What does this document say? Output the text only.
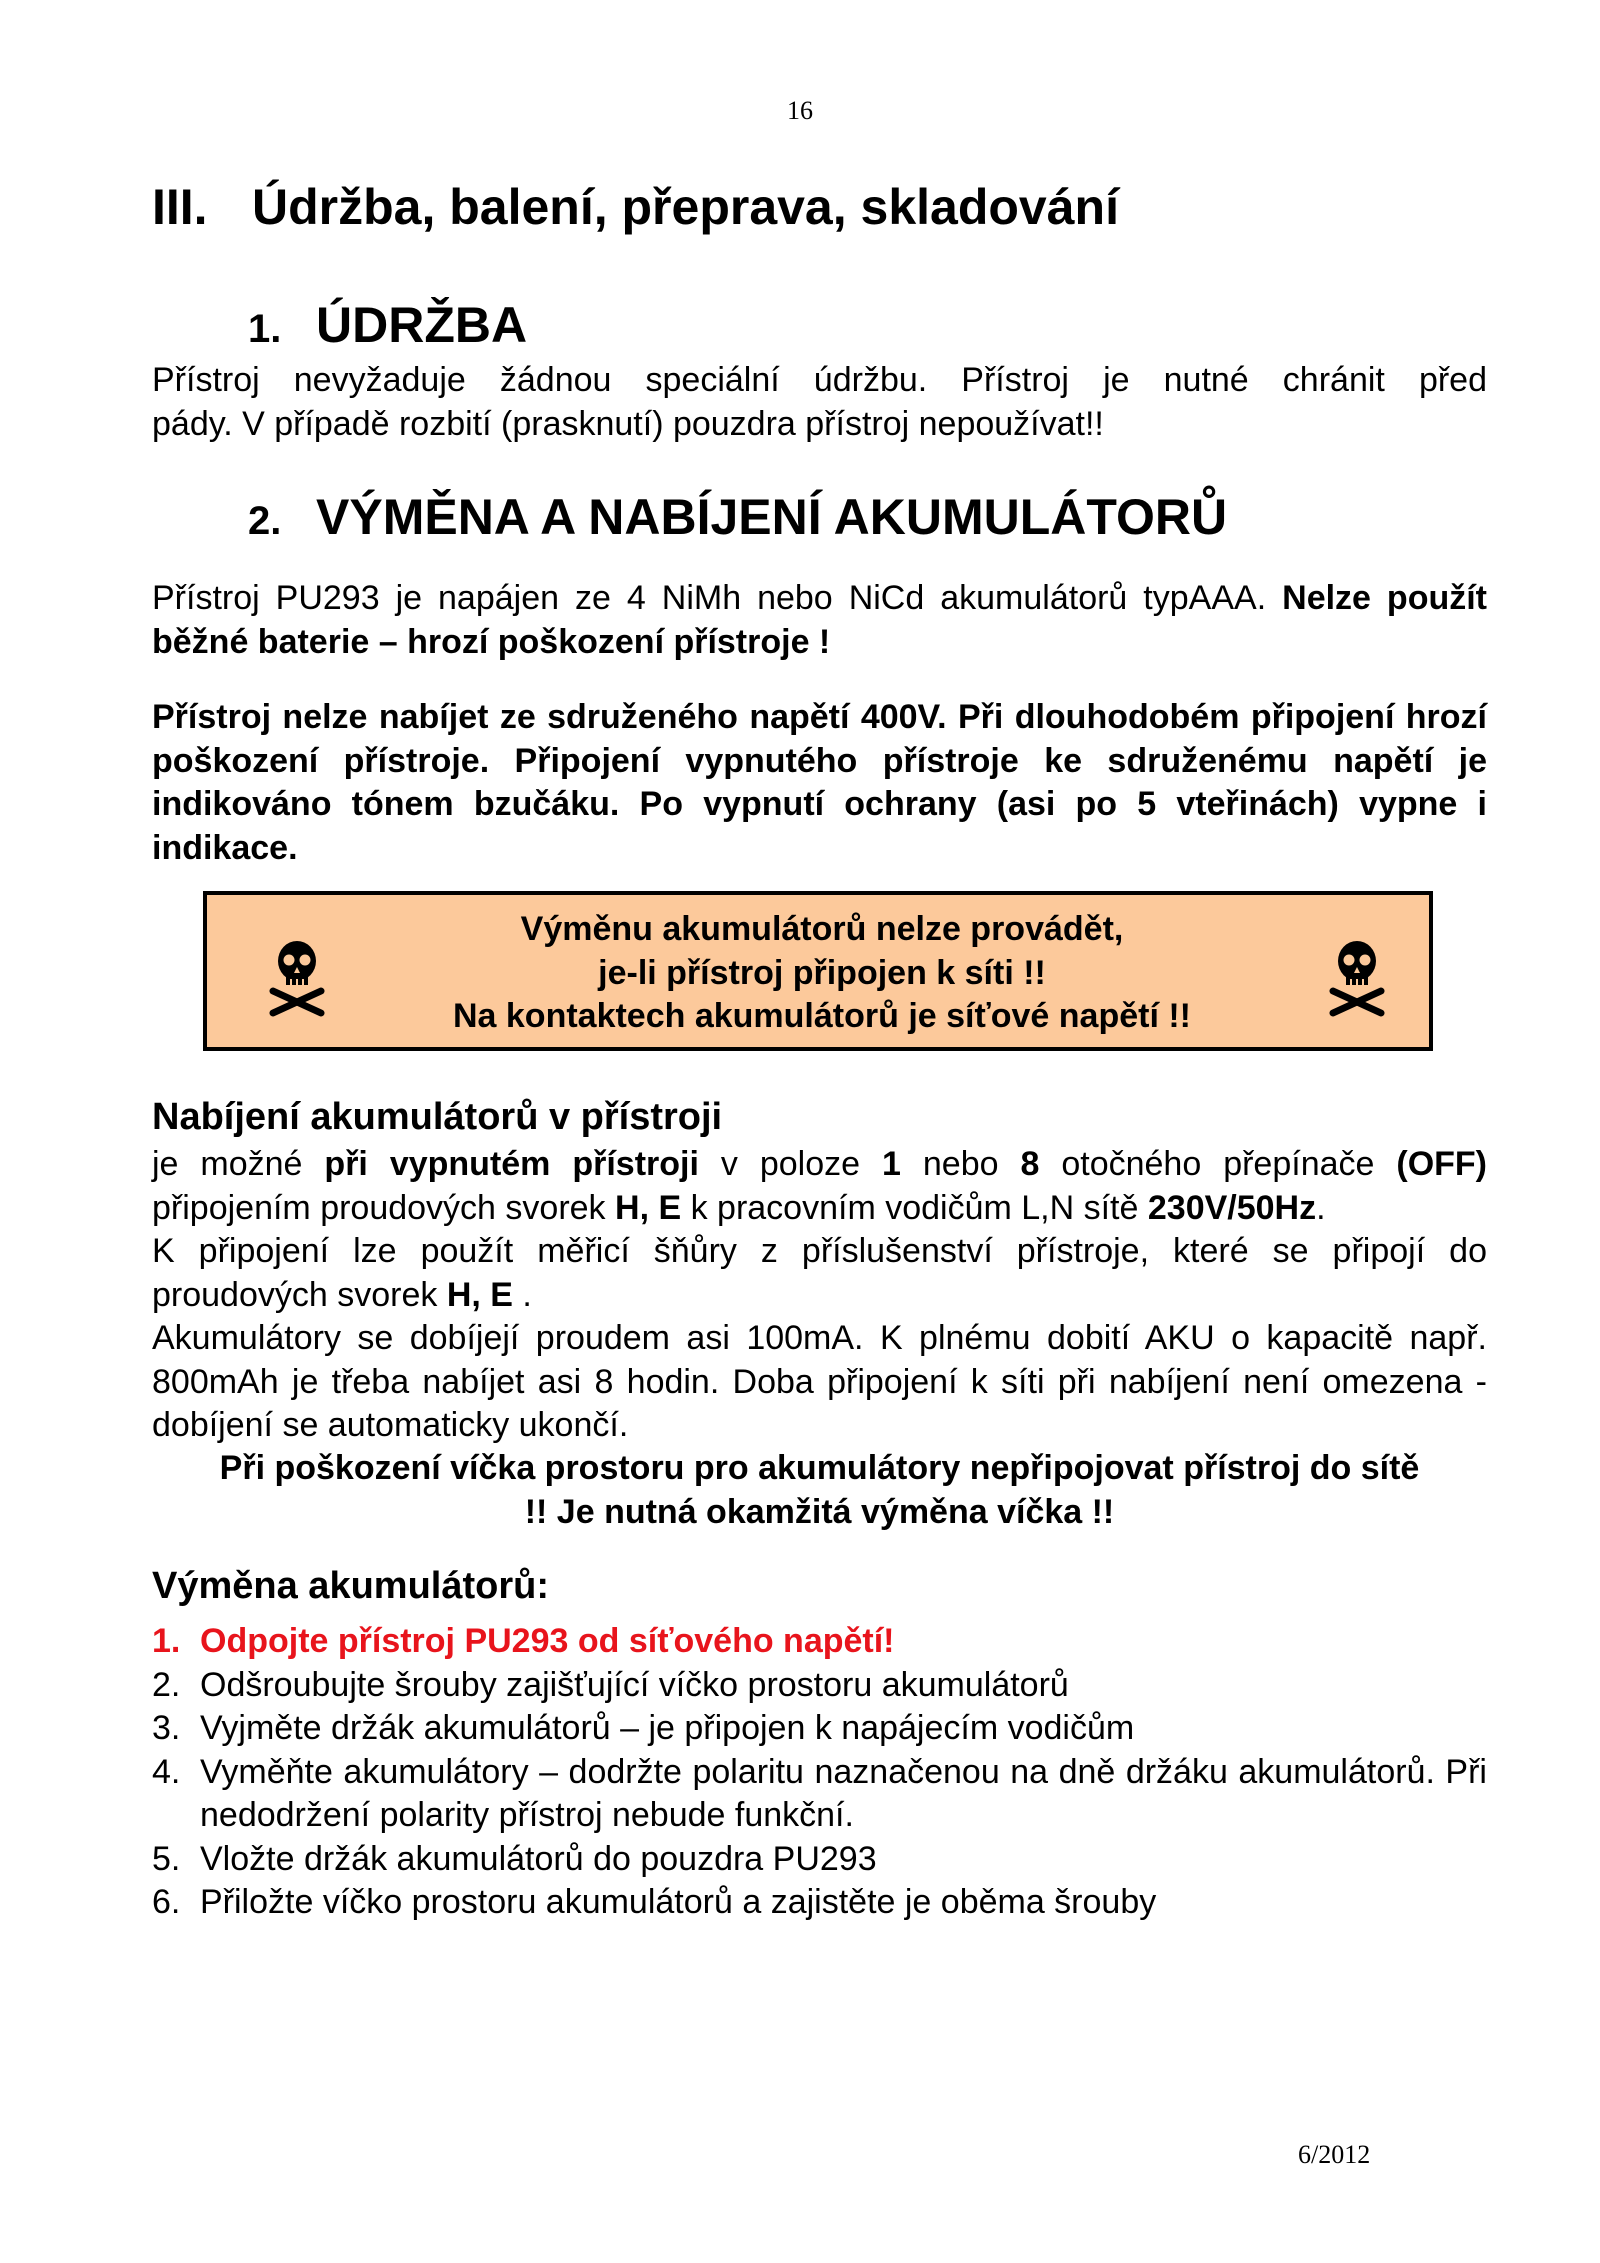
16
III. Údržba, balení, přeprava, skladování
1. ÚDRŽBA
Přístroj nevyžaduje žádnou speciální údržbu. Přístroj je nutné chránit před
pády. V případě rozbití (prasknutí) pouzdra přístroj nepoužívat!!
2. VÝMĚNA A NABÍJENÍ AKUMULÁTORŮ
Přístroj PU293 je napájen ze 4 NiMh nebo NiCd akumulátorů typAAA. Nelze použít běžné baterie – hrozí poškození přístroje !
Přístroj nelze nabíjet ze sdruženého napětí 400V. Při dlouhodobém připojení hrozí poškození přístroje. Připojení vypnutého přístroje ke sdruženému napětí je indikováno tónem bzučáku. Po vypnutí ochrany (asi po 5 vteřinách) vypne i indikace.
Výměnu akumulátorů nelze provádět,
je-li přístroj připojen k síti !!
Na kontaktech akumulátorů je síťové napětí !!
Nabíjení akumulátorů v přístroji
je možné při vypnutém přístroji v poloze 1 nebo 8 otočného přepínače (OFF) připojením proudových svorek H, E k pracovním vodičům L,N sítě 230V/50Hz.
K připojení lze použít měřicí šňůry z příslušenství přístroje, které se připojí do proudových svorek H, E .
Akumulátory se dobíjejí proudem asi 100mA. K plnému dobití AKU o kapacitě např. 800mAh je třeba nabíjet asi 8 hodin. Doba připojení k síti při nabíjení není omezena - dobíjení se automaticky ukončí.
Při poškození víčka prostoru pro akumulátory nepřipojovat přístroj do sítě
!! Je nutná okamžitá výměna víčka !!
Výměna akumulátorů:
1. Odpojte přístroj PU293 od síťového napětí!
2. Odšroubujte šrouby zajišťující víčko prostoru akumulátorů
3. Vyjměte držák akumulátorů – je připojen k napájecím vodičům
4. Vyměňte akumulátory – dodržte polaritu naznačenou na dně držáku akumulátorů. Při nedodržení polarity přístroj nebude funkční.
5. Vložte držák akumulátorů do pouzdra PU293
6. Přiložte víčko prostoru akumulátorů a zajistěte je oběma šrouby
6/2012
